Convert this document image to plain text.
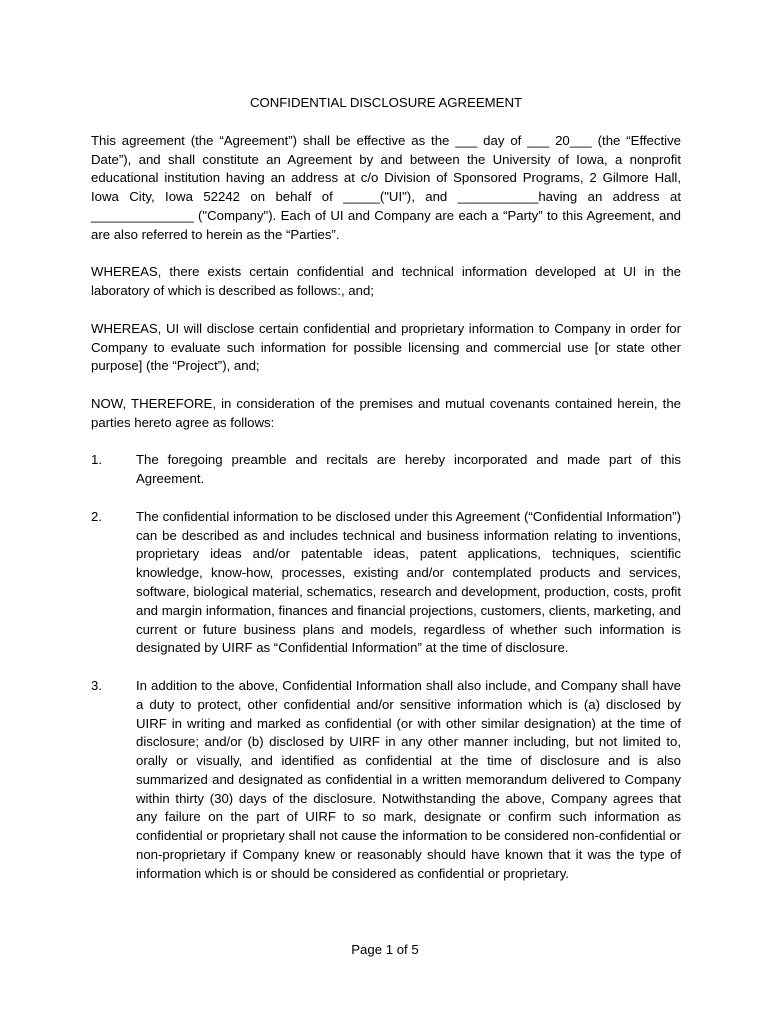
CONFIDENTIAL DISCLOSURE AGREEMENT

This agreement (the “Agreement”) shall be effective as the ___ day of ___ 20___ (the “Effective Date”), and shall constitute an Agreement by and between the University of Iowa, a nonprofit educational institution having an address at c/o Division of Sponsored Programs, 2 Gilmore Hall, Iowa City, Iowa 52242 on behalf of _____("UI"), and ___________having an address at ______________ ("Company"). Each of UI and Company are each a “Party” to this Agreement, and are also referred to herein as the “Parties”.

WHEREAS, there exists certain confidential and technical information developed at UI in the laboratory of which is described as follows:, and;

WHEREAS, UI will disclose certain confidential and proprietary information to Company in order for Company to evaluate such information for possible licensing and commercial use [or state other purpose] (the “Project”), and;

NOW, THEREFORE, in consideration of the premises and mutual covenants contained herein, the parties hereto agree as follows:

1.	The foregoing preamble and recitals are hereby incorporated and made part of this Agreement.
2.	The confidential information to be disclosed under this Agreement (“Confidential Information”) can be described as and includes technical and business information relating to inventions, proprietary ideas and/or patentable ideas, patent applications, techniques, scientific knowledge, know-how, processes, existing and/or contemplated products and services, software, biological material, schematics, research and development, production, costs, profit and margin information, finances and financial projections, customers, clients, marketing, and current or future business plans and models, regardless of whether such information is designated by UIRF as “Confidential Information” at the time of disclosure.
3.	In addition to the above, Confidential Information shall also include, and Company shall have a duty to protect, other confidential and/or sensitive information which is (a) disclosed by UIRF in writing and marked as confidential (or with other similar designation) at the time of disclosure; and/or (b) disclosed by UIRF in any other manner including, but not limited to, orally or visually, and identified as confidential at the time of disclosure and is also summarized and designated as confidential in a written memorandum delivered to Company within thirty (30) days of the disclosure. Notwithstanding the above, Company agrees that any failure on the part of UIRF to so mark, designate or confirm such information as confidential or proprietary shall not cause the information to be considered non-confidential or non-proprietary if Company knew or reasonably should have known that it was the type of information which is or should be considered as confidential or proprietary.
Page 1 of 5
